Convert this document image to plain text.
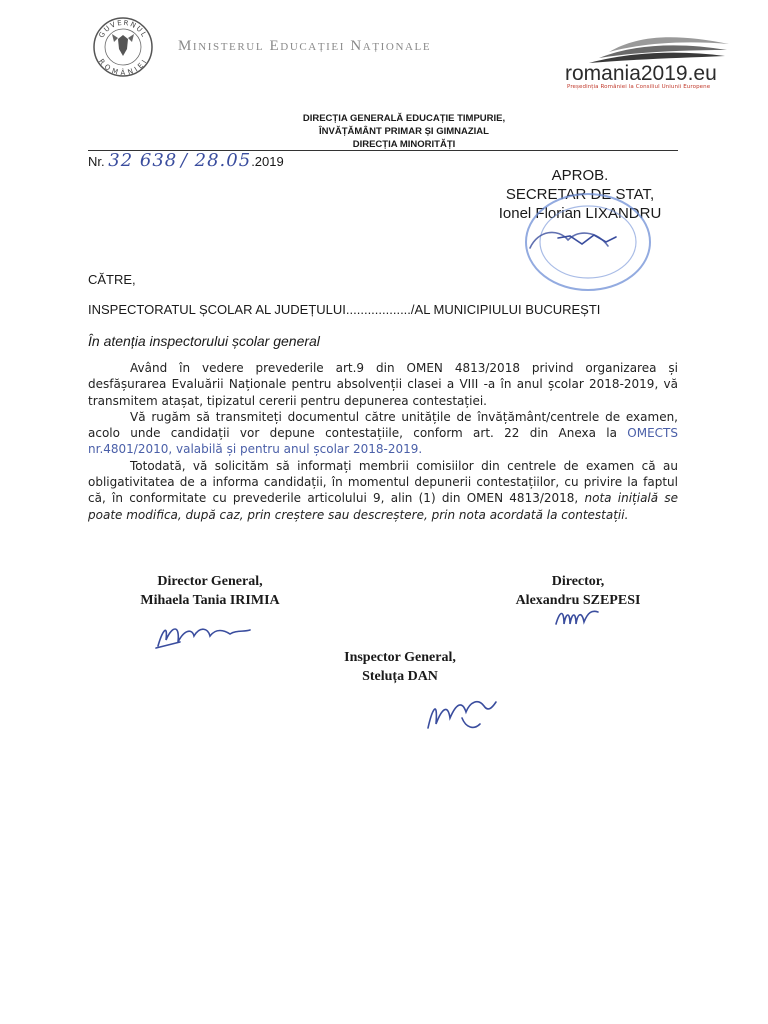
GUVERNUL
ROMÂNIEI
Ministerul Educației Naționale
romania2019.eu
Președinția României la Consiliul Uniunii Europene
DIRECȚIA GENERALĂ EDUCAȚIE TIMPURIE,
ÎNVĂȚĂMÂNT PRIMAR ȘI GIMNAZIAL
DIRECȚIA MINORITĂȚI
Nr. 32 638 / 28.05.2019
APROB.
SECRETAR DE STAT,
Ionel Florian LIXANDRU
CĂTRE,
INSPECTORATUL ȘCOLAR AL JUDEȚULUI................../AL MUNICIPIULUI BUCUREȘTI
În atenția inspectorului școlar general

Având în vedere prevederile art.9 din OMEN 4813/2018 privind organizarea și desfășurarea Evaluării Naționale pentru absolvenții clasei a VIII -a în anul școlar 2018-2019, vă transmitem atașat, tipizatul cererii pentru depunerea contestației.

Vă rugăm să transmiteți documentul către unitățile de învățământ/centrele de examen, acolo unde candidații vor depune contestațiile, conform art. 22 din Anexa la OMECTS nr.4801/2010, valabilă și pentru anul școlar 2018-2019.

Totodată, vă solicităm să informați membrii comisiilor din centrele de examen că au obligativitatea de a informa candidații, în momentul depunerii contestațiilor, cu privire la faptul că, în conformitate cu prevederile articolului 9, alin (1) din OMEN 4813/2018, nota inițială se poate modifica, după caz, prin creștere sau descreștere, prin nota acordată la contestații.

Director General,
Mihaela Tania IRIMIA
Director,
Alexandru SZEPESI
Inspector General,
Steluța DAN
